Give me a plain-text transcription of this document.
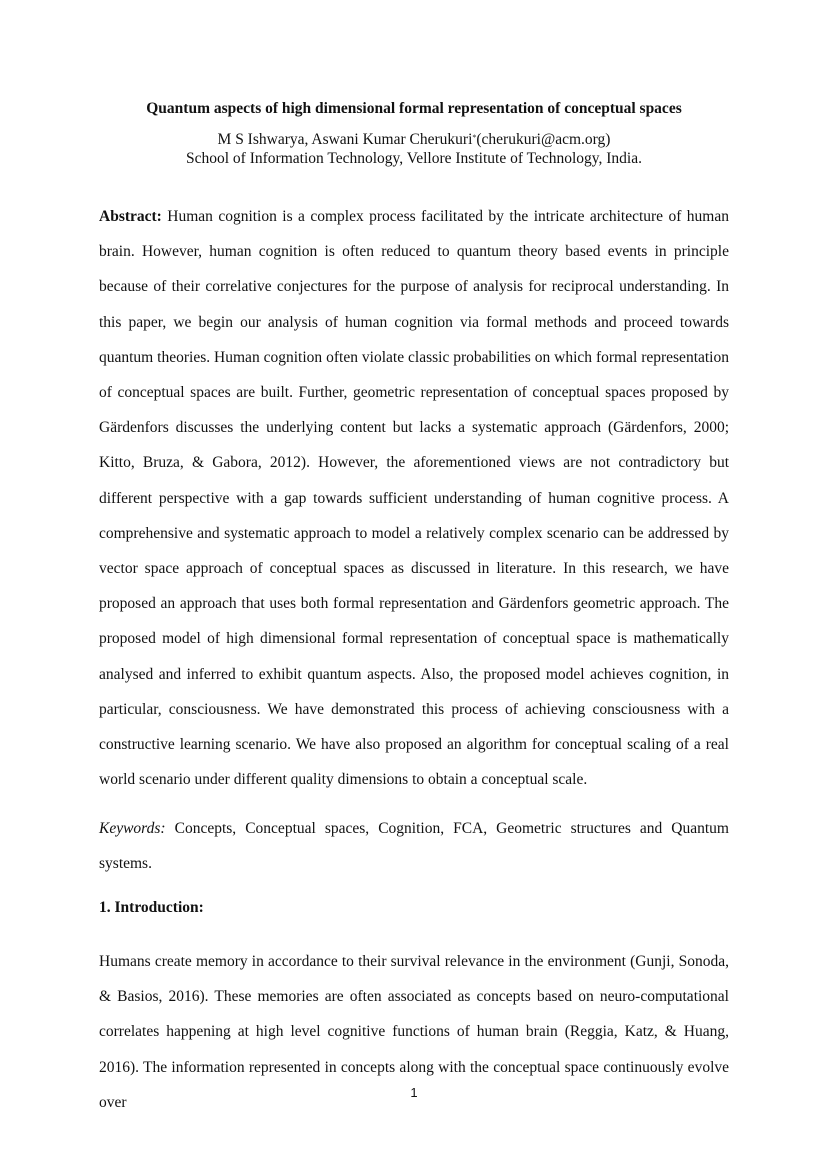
Quantum aspects of high dimensional formal representation of conceptual spaces
M S Ishwarya, Aswani Kumar Cherukuri*(cherukuri@acm.org)
School of Information Technology, Vellore Institute of Technology, India.

Abstract: Human cognition is a complex process facilitated by the intricate architecture of human brain. However, human cognition is often reduced to quantum theory based events in principle because of their correlative conjectures for the purpose of analysis for reciprocal understanding. In this paper, we begin our analysis of human cognition via formal methods and proceed towards quantum theories. Human cognition often violate classic probabilities on which formal representation of conceptual spaces are built. Further, geometric representation of conceptual spaces proposed by Gärdenfors discusses the underlying content but lacks a systematic approach (Gärdenfors, 2000; Kitto, Bruza, & Gabora, 2012). However, the aforementioned views are not contradictory but different perspective with a gap towards sufficient understanding of human cognitive process. A comprehensive and systematic approach to model a relatively complex scenario can be addressed by vector space approach of conceptual spaces as discussed in literature. In this research, we have proposed an approach that uses both formal representation and Gärdenfors geometric approach. The proposed model of high dimensional formal representation of conceptual space is mathematically analysed and inferred to exhibit quantum aspects. Also, the proposed model achieves cognition, in particular, consciousness. We have demonstrated this process of achieving consciousness with a constructive learning scenario. We have also proposed an algorithm for conceptual scaling of a real world scenario under different quality dimensions to obtain a conceptual scale.

Keywords: Concepts, Conceptual spaces, Cognition, FCA, Geometric structures and Quantum systems.

1. Introduction:

Humans create memory in accordance to their survival relevance in the environment (Gunji, Sonoda, & Basios, 2016). These memories are often associated as concepts based on neuro-computational correlates happening at high level cognitive functions of human brain (Reggia, Katz, & Huang, 2016). The information represented in concepts along with the conceptual space continuously evolve over

1
